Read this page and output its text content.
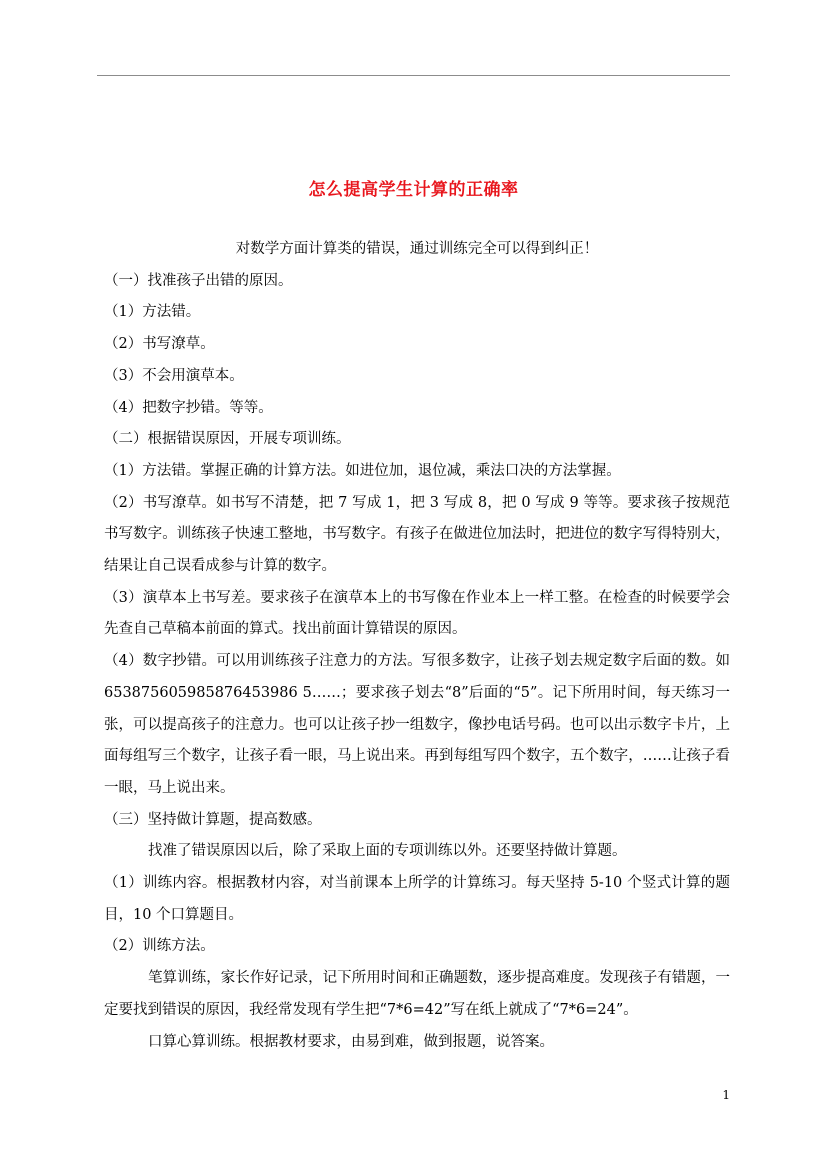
怎么提高学生计算的正确率

对数学方面计算类的错误，通过训练完全可以得到纠正！

（一）找准孩子出错的原因。

（1）方法错。

（2）书写潦草。

（3）不会用演草本。

（4）把数字抄错。等等。

（二）根据错误原因，开展专项训练。

（1）方法错。掌握正确的计算方法。如进位加，退位减，乘法口决的方法掌握。

（2）书写潦草。如书写不清楚，把 7 写成 1，把 3 写成 8，把 0 写成 9 等等。要求孩子按规范书写数字。训练孩子快速工整地，书写数字。有孩子在做进位加法时，把进位的数字写得特别大，结果让自己误看成参与计算的数字。

（3）演草本上书写差。要求孩子在演草本上的书写像在作业本上一样工整。在检查的时候要学会先查自己草稿本前面的算式。找出前面计算错误的原因。

（4）数字抄错。可以用训练孩子注意力的方法。写很多数字，让孩子划去规定数字后面的数。如 653875605985876453986 5……；要求孩子划去“8”后面的“5”。记下所用时间，每天练习一张，可以提高孩子的注意力。也可以让孩子抄一组数字，像抄电话号码。也可以出示数字卡片，上面每组写三个数字，让孩子看一眼，马上说出来。再到每组写四个数字，五个数字，……让孩子看一眼，马上说出来。

（三）坚持做计算题，提高数感。

找准了错误原因以后，除了采取上面的专项训练以外。还要坚持做计算题。

（1）训练内容。根据教材内容，对当前课本上所学的计算练习。每天坚持 5-10 个竖式计算的题目，10 个口算题目。

（2）训练方法。

笔算训练，家长作好记录，记下所用时间和正确题数，逐步提高难度。发现孩子有错题，一定要找到错误的原因，我经常发现有学生把“7*6=42”写在纸上就成了“7*6=24”。

口算心算训练。根据教材要求，由易到难，做到报题，说答案。

1
